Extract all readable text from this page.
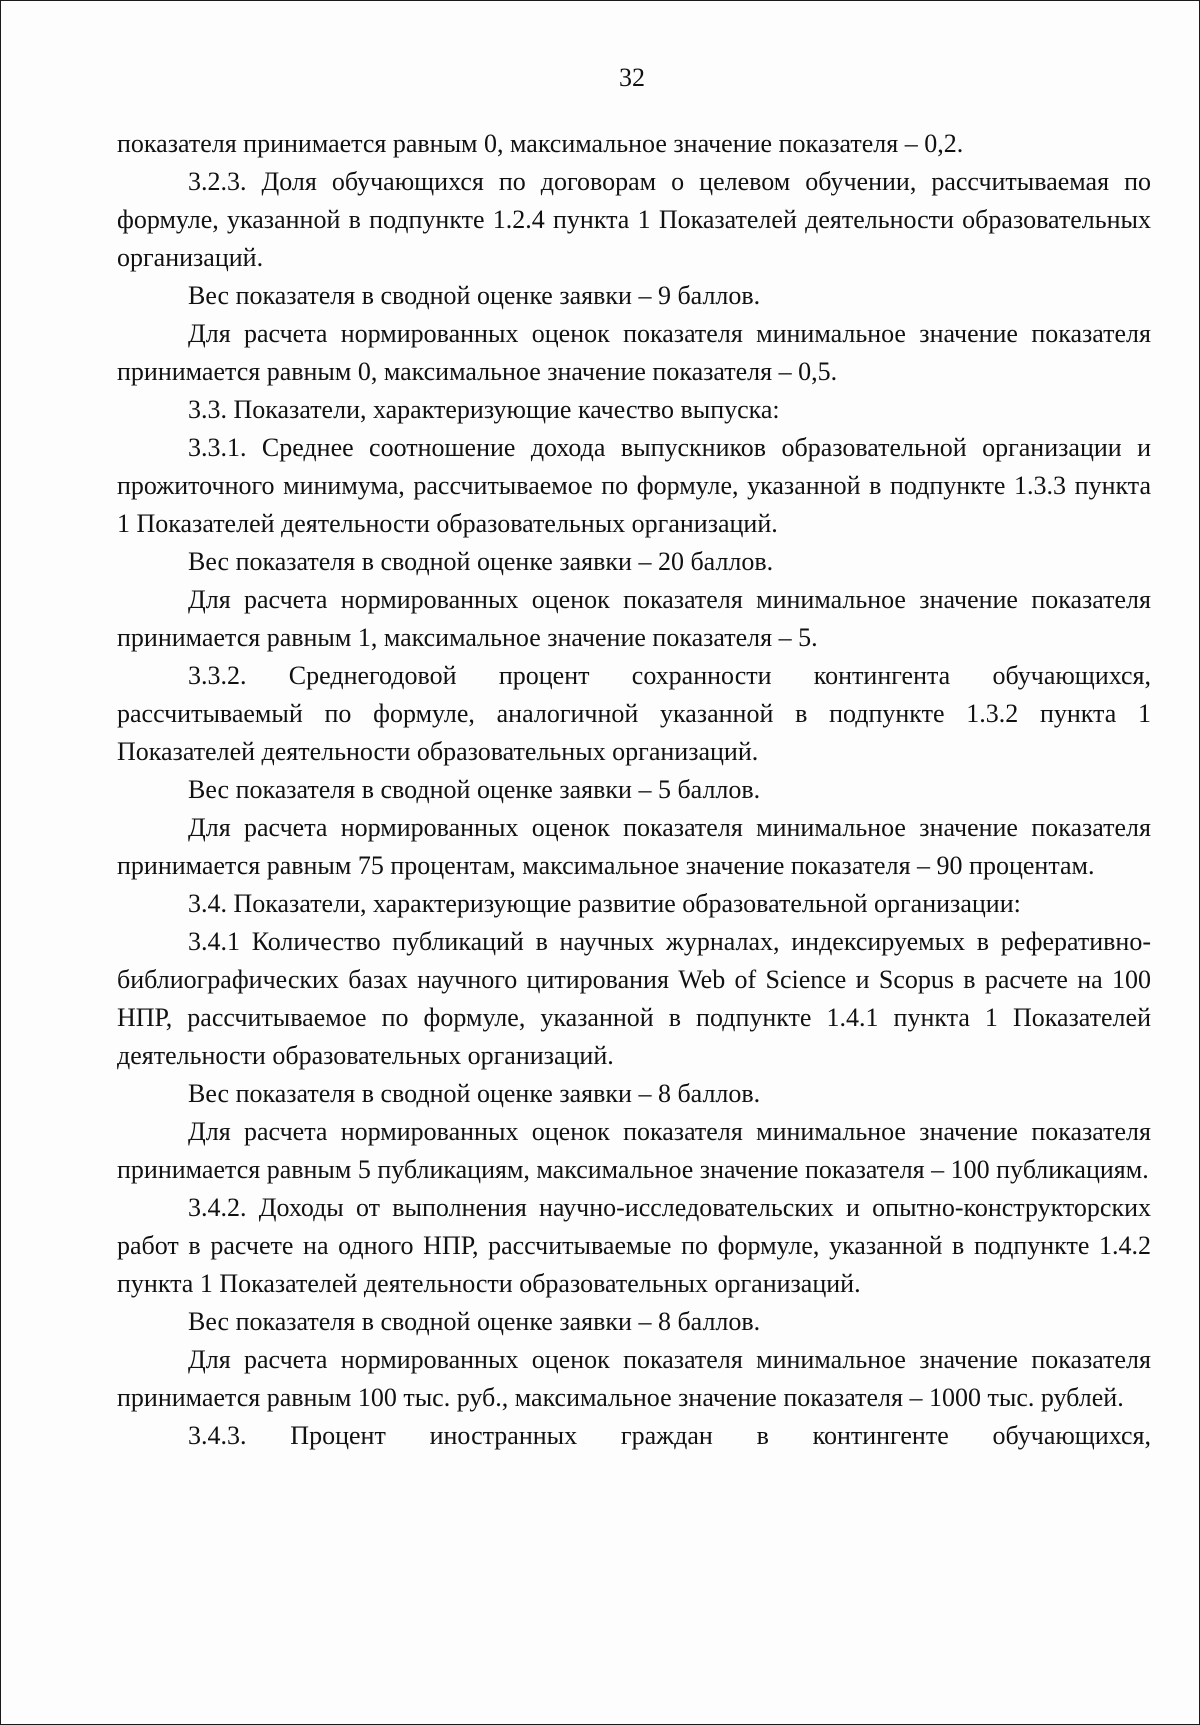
32

показателя принимается равным 0, максимальное значение показателя – 0,2.

3.2.3. Доля обучающихся по договорам о целевом обучении, рассчитываемая по формуле, указанной в подпункте 1.2.4 пункта 1 Показателей деятельности образовательных организаций.

Вес показателя в сводной оценке заявки – 9 баллов.

Для расчета нормированных оценок показателя минимальное значение показателя принимается равным 0, максимальное значение показателя – 0,5.

3.3. Показатели, характеризующие качество выпуска:

3.3.1. Среднее соотношение дохода выпускников образовательной организации и прожиточного минимума, рассчитываемое по формуле, указанной в подпункте 1.3.3 пункта 1 Показателей деятельности образовательных организаций.

Вес показателя в сводной оценке заявки – 20 баллов.

Для расчета нормированных оценок показателя минимальное значение показателя принимается равным 1, максимальное значение показателя – 5.

3.3.2. Среднегодовой процент сохранности контингента обучающихся, рассчитываемый по формуле, аналогичной указанной в подпункте 1.3.2 пункта 1 Показателей деятельности образовательных организаций.

Вес показателя в сводной оценке заявки – 5 баллов.

Для расчета нормированных оценок показателя минимальное значение показателя принимается равным 75 процентам, максимальное значение показателя – 90 процентам.

3.4. Показатели, характеризующие развитие образовательной организации:

3.4.1 Количество публикаций в научных журналах, индексируемых в реферативно-библиографических базах научного цитирования Web of Science и Scopus в расчете на 100 НПР, рассчитываемое по формуле, указанной в подпункте 1.4.1 пункта 1 Показателей деятельности образовательных организаций.

Вес показателя в сводной оценке заявки – 8 баллов.

Для расчета нормированных оценок показателя минимальное значение показателя принимается равным 5 публикациям, максимальное значение показателя – 100 публикациям.

3.4.2. Доходы от выполнения научно-исследовательских и опытно-конструкторских работ в расчете на одного НПР, рассчитываемые по формуле, указанной в подпункте 1.4.2 пункта 1 Показателей деятельности образовательных организаций.

Вес показателя в сводной оценке заявки – 8 баллов.

Для расчета нормированных оценок показателя минимальное значение показателя принимается равным 100 тыс. руб., максимальное значение показателя – 1000 тыс. рублей.

3.4.3. Процент иностранных граждан в контингенте обучающихся,
